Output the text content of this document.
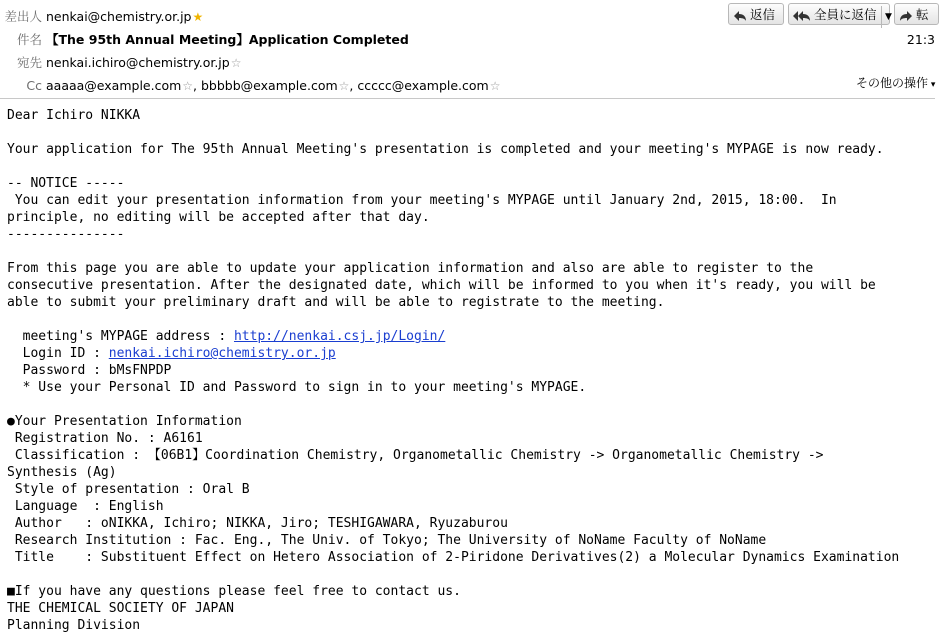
差出人 nenkai@chemistry.or.jp★
件名 【The 95th Annual Meeting】Application Completed
宛先 nenkai.ichiro@chemistry.or.jp☆
Cc aaaaa@example.com☆, bbbbb@example.com☆, ccccc@example.com☆
返信	全員に返信 ▼	転
21:3
その他の操作 ▾
Dear Ichiro NIKKA

Your application for The 95th Annual Meeting's presentation is completed and your meeting's MYPAGE is now ready.

-- NOTICE -----
You can edit your presentation information from your meeting's MYPAGE until January 2nd, 2015, 18:00.  In
principle, no editing will be accepted after that day.
---------------

From this page you are able to update your application information and also are able to register to the
consecutive presentation. After the designated date, which will be informed to you when it's ready, you will be
able to submit your preliminary draft and will be able to registrate to the meeting.

meeting's MYPAGE address : http://nenkai.csj.jp/Login/
Login ID : nenkai.ichiro@chemistry.or.jp
Password : bMsFNPDP
* Use your Personal ID and Password to sign in to your meeting's MYPAGE.

●Your Presentation Information
Registration No. : A6161
Classification : 【06B1】Coordination Chemistry, Organometallic Chemistry -> Organometallic Chemistry ->
Synthesis (Ag)
Style of presentation : Oral B
Language  : English
Author   : oNIKKA, Ichiro; NIKKA, Jiro; TESHIGAWARA, Ryuzaburou
Research Institution : Fac. Eng., The Univ. of Tokyo; The University of NoName Faculty of NoName
Title    : Substituent Effect on Hetero Association of 2-Piridone Derivatives(2) a Molecular Dynamics Examination

■If you have any questions please feel free to contact us.
THE CHEMICAL SOCIETY OF JAPAN
Planning Division
